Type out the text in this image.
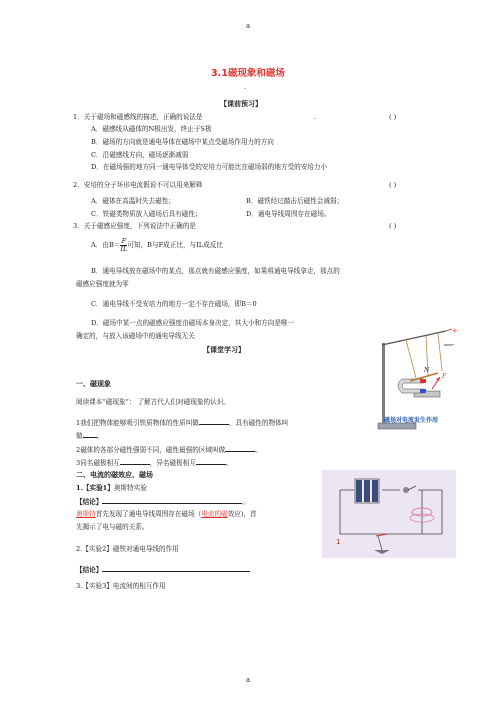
a
a
3.1磁现象和磁场
.
【课前预习】
1．关于磁场和磁感线的描述，正确的说法是	.	( )
A．磁感线从磁体的N极出发，终止于S极
B．磁场的方向就是通电导体在磁场中某点受磁场作用力的方向
C．沿磁感线方向，磁场逐渐减弱
D．在磁场强的地方同一通电导体受的安培力可能比在磁场弱的地方受的安培力小
2．安培的分子环形电流假说不可以用来解释	( )
A．磁体在高温时失去磁性；	B．磁铁经过敲击后磁性会减弱；
C．铁磁类物质放入磁场后具有磁性；	D．通电导线周围存在磁场。
3．关于磁感应强度，下列说法中正确的是	( )
A．由$B= \frac{F}{IL}$ 可知，B与F成正比，与IL成反比
B．通电导线放在磁场中的某点，那点就有磁感应强度，如果将通电导线拿走，那点的
磁感应强度就为零
C．通电导线不受安培力的地方一定不存在磁场，即B＝0
D．磁场中某一点的磁感应强度由磁场本身决定，其大小和方向是唯一
确定的，与放入该磁场中的通电导线无关
【课堂学习】
一、磁现象
阅读课本“磁现象”： 了解古代人们对磁现象的认识。
1我们把物体能够吸引铁质物体的性质叫做	，具有磁性的物体叫
做 。
2磁体的各部分磁性强弱不同，磁性最强的区域叫做	。
3同名磁极相互	，异名磁极相互	。
二、电流的磁效应、磁场
1.【实验1】奥斯特实验
【结论】	。
奥斯特首先发现了通电导线周围存在磁场（电流的磁效应)，首
先揭示了电与磁的关系。
2.【实验2】磁铁对通电导线的作用
【结论】
3.【实验3】电流间的相互作用
+
-
N
F
磁场对电流发生作用
1
